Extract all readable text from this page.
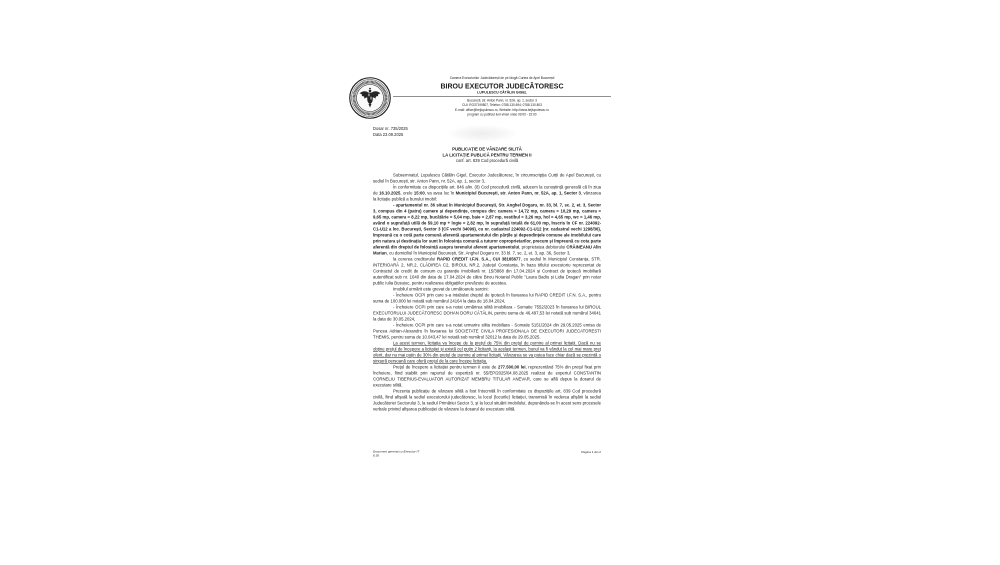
Camera Executorilor Judecătorești de pe lângă Curtea de Apel București
BIROU EXECUTOR JUDECĂTORESC
LUPULESCU CĂTĂLIN GIGEL
București, str. Anton Pann, nr. 52A, ap. 1, sector 3
CUI: RO37199807, Telefon: 0788.130.694; 0788.130.803
E-mail: office@bejlupulescu.ro, Website: http://www.bejlupulescu.ro
program cu publicul luni-vineri orele 09:00 - 15:00
Dosar nr. 735/2025
Data 23.09.2025
PUBLICAȚIE DE VÂNZARE SILITĂ
LA LICITAȚIE PUBLICĂ PENTRU TERMEN II
conf. art. 839 Cod procedură civilă

Subsemnatul, Lupulescu Cătălin Gigel, Executor Judecătoresc, în circumscripția Curții de Apel București, cu sediul în București, str. Anton Pann, nr. 52A, ap. 1, sector 3,

În conformitate cu dispozițiile art. 846 alin. (8) Cod procedură civilă, aducem la cunoștință generală că în ziua de 16.10.2025, orele 15:00, va avea loc în Municipiul București, str. Anton Pann, nr. 52A, ap. 1, Sector 3, vânzarea la licitație publică a bunului imobil:

- apartamentul nr. 36 situat în Municipiul București, Str. Anghel Dogaru, nr. 33, bl. 7, sc. 2, et. 3, Sector 3, compus din 4 (patru) camere și dependințe, compus din: camera = 14,72 mp, camera = 10,29 mp, camera = 9,65 mp, camera = 8,22 mp, bucătărie = 5,04 mp, baie = 2,87 mp, vestibul = 3,26 mp, hol = 4,65 mp, wc = 1,46 mp, având o suprafață utilă de 59,10 mp + logie = 2,82 mp, în suprafață totală de 61,00 mp, înscris în CF nr. 224092-C1-U12 a loc. București, Sector 3 (CF vechi 34099), cu nr. cadastral 224092-C1-U12 (nr. cadastral vechi 1298/36), împreună cu o cotă parte comună aferentă apartamentului din părțile și dependințele comune ale imobilului care prin natura și destinația lor sunt în folosința comună a tuturor coproprietarilor, precum și împreună cu cota parte aferentă din dreptul de folosință asupra terenului aferent apartamentului, proprietatea debitorului CRĂINEANU Alin Marian, cu domiciliul în Municipiul București, Str. Anghel Dogaru nr. 33 bl. 7, sc. 2, et. 3, ap. 36, Sector 3,

la cererea creditorului RAPID CREDIT I.F.N. S.A., CUI 38165677, cu sediul în Municipiul Constanța, STR. INTERIOARĂ 2, NR.2, CLĂDIREA C2, BIROUL NR.2, Județul Constanța, în baza titlului executoriu reprezentat de Contractul de credit de consum cu garanție imobiliară nr. 15/3868 din 17.04.2024 și Contract de ipotecă imobiliară autentificat sub nr. 1040 din data de 17.04.2024 de către Birou Notarial Public "Laura Badiu și Lidia Dragan" prin notar public Iulia Busuioc, pentru realizarea obligațiilor prevăzute de acestea.

Imobilul urmărit este grevat de următoarele sarcini:

- Încheiere OCPI prin care s-a intabulat dreptul de ipotecă în favoarea lui RAPID CREDIT I.F.N. S.A., pentru suma de 100.000 lei notată sub numărul 24164 la data de 18.04.2024,

- Încheiere OCPI prin care s-a notat urmărirea silită imobiliara - Somatie 7552/2023 în favoarea lui BIROUL EXECUTORULUI JUDECĂTORESC DOHAN DORU CĂTĂLIN, pentru suma de 46.497,53 lei notată sub numărul 34041 la data de 30.05.2024,

- Încheiere OCPI prin care s-a notat urmarire silita imobiliara - Somatie 5151/2024 din 29.05.2025 emisa de Puncea Adrian-Alexandru în favoarea lui SOCIETATE CIVILA PROFESIONALA DE EXECUTORI JUDECATORESTI THEMIS, pentru suma de 10.043,47 lei notată sub numărul 32012 la data de 29.05.2025.

La acest termen, licitația va începe de la prețul de 75% din prețul de pornire al primei licitații. Dacă nu se obține prețul de începere a licitației și există cel puțin 2 licitanți, la același termen, bunul va fi vândut la cel mai mare preț oferit, dar nu mai puțin de 30% din prețul de pornire al primei licitații. Vânzarea se va putea face chiar dacă se prezintă o singură persoană care oferă prețul de la care începe licitația.

Prețul de începere a licitației pentru termen II este de 277.500,00 lei, reprezentând 75% din prețul fixat prin încheiere, fiind stabilit prin raportul de expertiză nr. 55/EP/2025/04.08.2025 realizat de expertul CONSTANTIN CORNELIU TIBERIUS-EVALUATOR AUTORIZAT MEMBRU TITULAR ANEVAR, care se află depus la dosarul de executare silită.

Prezenta publicație de vânzare silită a fost întocmită în conformitate cu dispozițiile art. 839 Cod procedură civilă, fiind afișată la sediul executorului judecătoresc, la locul (locurile) licitației, transmisă în vederea afișării la sediul Judecătoriei Sectorului 3, la sediul Primăriei Sector 3, și la locul situării imobilului, depunându-se în acest sens procesele verbale privind afișarea publicației de vânzare la dosarul de executare silită.

Document generat cu Executor IT
6.30
Pagina 1 din 2
